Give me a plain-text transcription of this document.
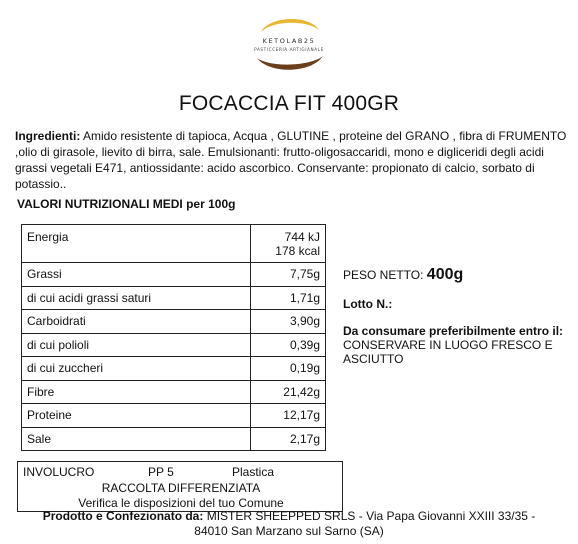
KETOLAB25
PASTICCERIA ARTIGIANALE
FOCACCIA FIT 400GR
Ingredienti: Amido resistente di tapioca, Acqua , GLUTINE , proteine del GRANO , fibra di FRUMENTO ,olio di girasole, lievito di birra, sale. Emulsionanti: frutto-oligosaccaridi, mono e digliceridi degli acidi grassi vegetali E471, antiossidante: acido ascorbico. Conservante: propionato di calcio, sorbato di potassio..
VALORI NUTRIZIONALI MEDI per 100g
Energia	744 kJ
178 kcal

Grassi	7,75g
di cui acidi grassi saturi	1,71g
Carboidrati	3,90g
di cui polioli	0,39g
di cui zuccheri	0,19g
Fibre	21,42g
Proteine	12,17g
Sale	2,17g
PESO NETTO: 400g
Lotto N.:
Da consumare preferibilmente entro il:
CONSERVARE IN LUOGO FRESCO E ASCIUTTO
INVOLUCRO	PP 5	Plastica
RACCOLTA DIFFERENZIATA
Verifica le disposizioni del tuo Comune
Prodotto e Confezionato da: MISTER SHEEPPED SRLS - Via Papa Giovanni XXIII 33/35 -
84010 San Marzano sul Sarno (SA)
